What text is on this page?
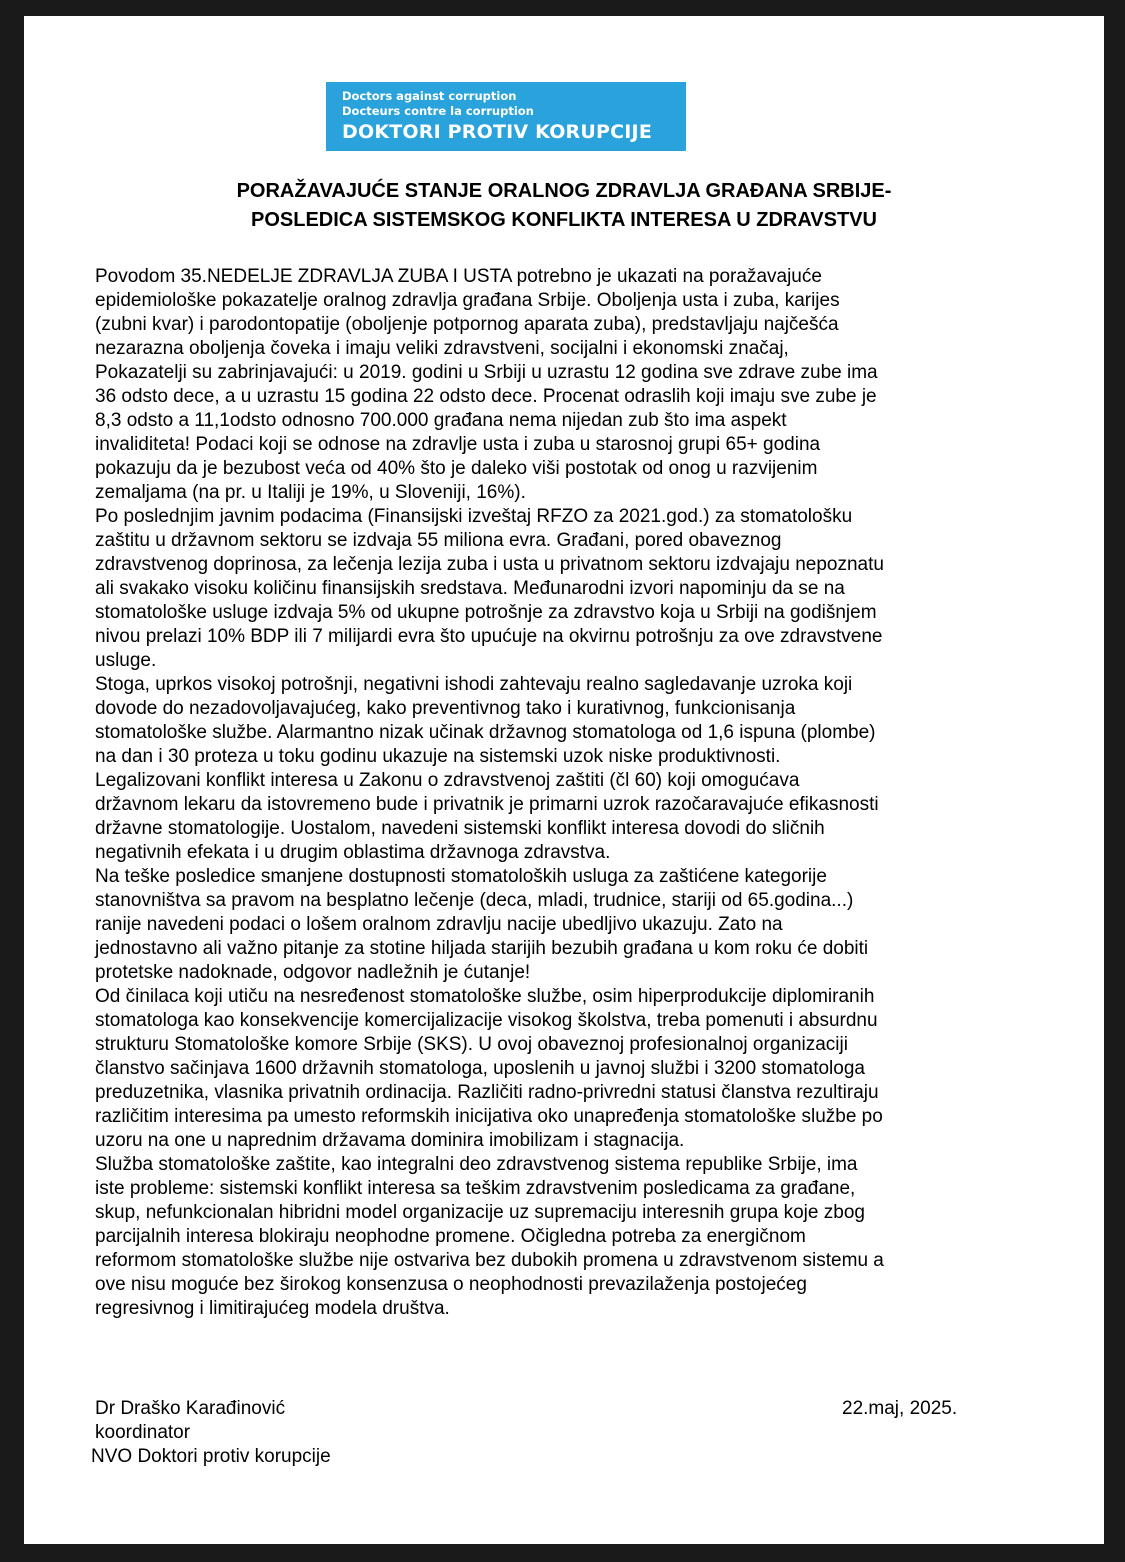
Doctors against corruption
Docteurs contre la corruption
DOKTORI PROTIV KORUPCIJE
PORAŽAVAJUĆE STANJE ORALNOG ZDRAVLJA GRAĐANA SRBIJE-
POSLEDICA SISTEMSKOG KONFLIKTA INTERESA U ZDRAVSTVU
Povodom 35.NEDELJE ZDRAVLJA ZUBA I USTA potrebno je ukazati na poražavajuće
epidemiološke pokazatelje oralnog zdravlja građana Srbije. Oboljenja usta i zuba, karijes
(zubni kvar) i parodontopatije (oboljenje potpornog aparata zuba), predstavljaju najčešća
nezarazna oboljenja čoveka i imaju veliki zdravstveni, socijalni i ekonomski značaj,
Pokazatelji su zabrinjavajući: u 2019. godini u Srbiji u uzrastu 12 godina sve zdrave zube ima
36 odsto dece, a u uzrastu 15 godina 22 odsto dece. Procenat odraslih koji imaju sve zube je
8,3 odsto a 11,1odsto odnosno 700.000 građana nema nijedan zub što ima aspekt
invaliditeta! Podaci koji se odnose na zdravlje usta i zuba u starosnoj grupi 65+ godina
pokazuju da je bezubost veća od 40% što je daleko viši postotak od onog u razvijenim
zemaljama (na pr. u Italiji je 19%, u Sloveniji, 16%).
Po poslednjim javnim podacima (Finansijski izveštaj RFZO za 2021.god.) za stomatološku
zaštitu u državnom sektoru se izdvaja 55 miliona evra. Građani, pored obaveznog
zdravstvenog doprinosa, za lečenja lezija zuba i usta u privatnom sektoru izdvajaju nepoznatu
ali svakako visoku količinu finansijskih sredstava. Međunarodni izvori napominju da se na
stomatološke usluge izdvaja 5% od ukupne potrošnje za zdravstvo koja u Srbiji na godišnjem
nivou prelazi 10% BDP ili 7 milijardi evra što upućuje na okvirnu potrošnju za ove zdravstvene
usluge.
Stoga, uprkos visokoj potrošnji, negativni ishodi zahtevaju realno sagledavanje uzroka koji
dovode do nezadovoljavajućeg, kako preventivnog tako i kurativnog, funkcionisanja
stomatološke službe. Alarmantno nizak učinak državnog stomatologa od 1,6 ispuna (plombe)
na dan i 30 proteza u toku godinu ukazuje na sistemski uzok niske produktivnosti.
Legalizovani konflikt interesa u Zakonu o zdravstvenoj zaštiti (čl 60) koji omogućava
državnom lekaru da istovremeno bude i privatnik je primarni uzrok razočaravajuće efikasnosti
državne stomatologije. Uostalom, navedeni sistemski konflikt interesa dovodi do sličnih
negativnih efekata i u drugim oblastima državnoga zdravstva.
Na teške posledice smanjene dostupnosti stomatoloških usluga za zaštićene kategorije
stanovništva sa pravom na besplatno lečenje (deca, mladi, trudnice, stariji od 65.godina...)
ranije navedeni podaci o lošem oralnom zdravlju nacije ubedljivo ukazuju. Zato na
jednostavno ali važno pitanje za stotine hiljada starijih bezubih građana u kom roku će dobiti
protetske nadoknade, odgovor nadležnih je ćutanje!
Od činilaca koji utiču na nesređenost stomatološke službe, osim hiperprodukcije diplomiranih
stomatologa kao konsekvencije komercijalizacije visokog školstva, treba pomenuti i absurdnu
strukturu Stomatološke komore Srbije (SKS). U ovoj obaveznoj profesionalnoj organizaciji
članstvo sačinjava 1600 državnih stomatologa, uposlenih u javnoj službi i 3200 stomatologa
preduzetnika, vlasnika privatnih ordinacija. Različiti radno-privredni statusi članstva rezultiraju
različitim interesima pa umesto reformskih inicijativa oko unapređenja stomatološke službe po
uzoru na one u naprednim državama dominira imobilizam i stagnacija.
Služba stomatološke zaštite, kao integralni deo zdravstvenog sistema republike Srbije, ima
iste probleme: sistemski konflikt interesa sa teškim zdravstvenim posledicama za građane,
skup, nefunkcionalan hibridni model organizacije uz supremaciju interesnih grupa koje zbog
parcijalnih interesa blokiraju neophodne promene. Očigledna potreba za energičnom
reformom stomatološke službe nije ostvariva bez dubokih promena u zdravstvenom sistemu a
ove nisu moguće bez širokog konsenzusa o neophodnosti prevazilaženja postojećeg
regresivnog i limitirajućeg modela društva.
Dr Draško Karađinović
koordinator
NVO Doktori protiv korupcije
22.maj, 2025.
